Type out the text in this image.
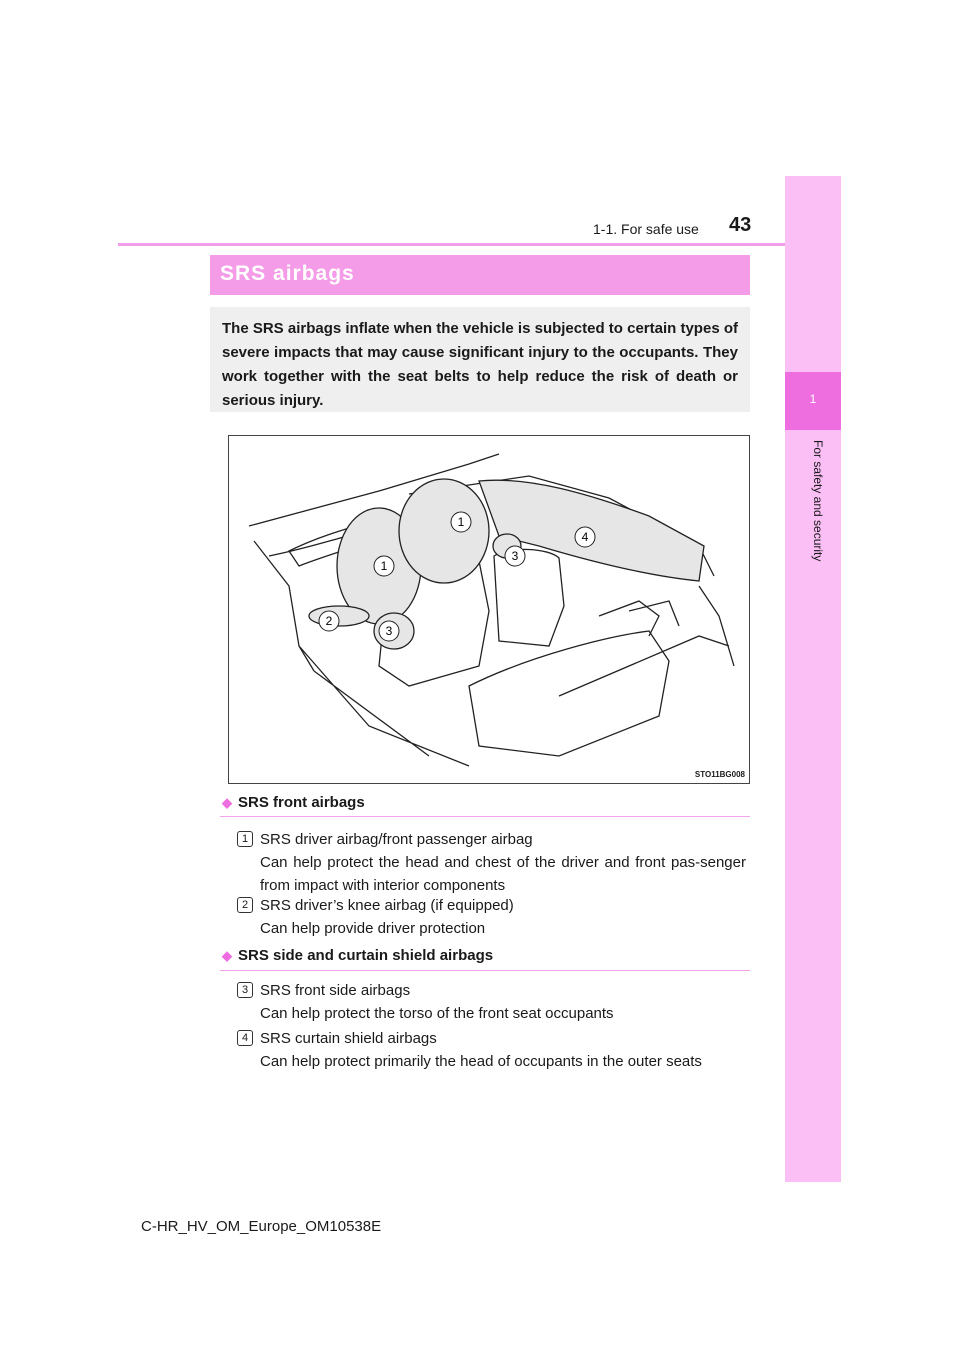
1-1. For safe use 43
1
For safety and security
SRS airbags

The SRS airbags inflate when the vehicle is subjected to certain types of severe impacts that may cause significant injury to the occupants. They work together with the seat belts to help reduce the risk of death or serious injury.

1
1
2
3
3
4
STO11BG008
◆ SRS front airbags
1 SRS driver airbag/front passenger airbag

Can help protect the head and chest of the driver and front pas-senger from impact with interior components

2 SRS driver’s knee airbag (if equipped)

Can help provide driver protection

◆ SRS side and curtain shield airbags
3 SRS front side airbags

Can help protect the torso of the front seat occupants

4 SRS curtain shield airbags

Can help protect primarily the head of occupants in the outer seats

C-HR_HV_OM_Europe_OM10538E
